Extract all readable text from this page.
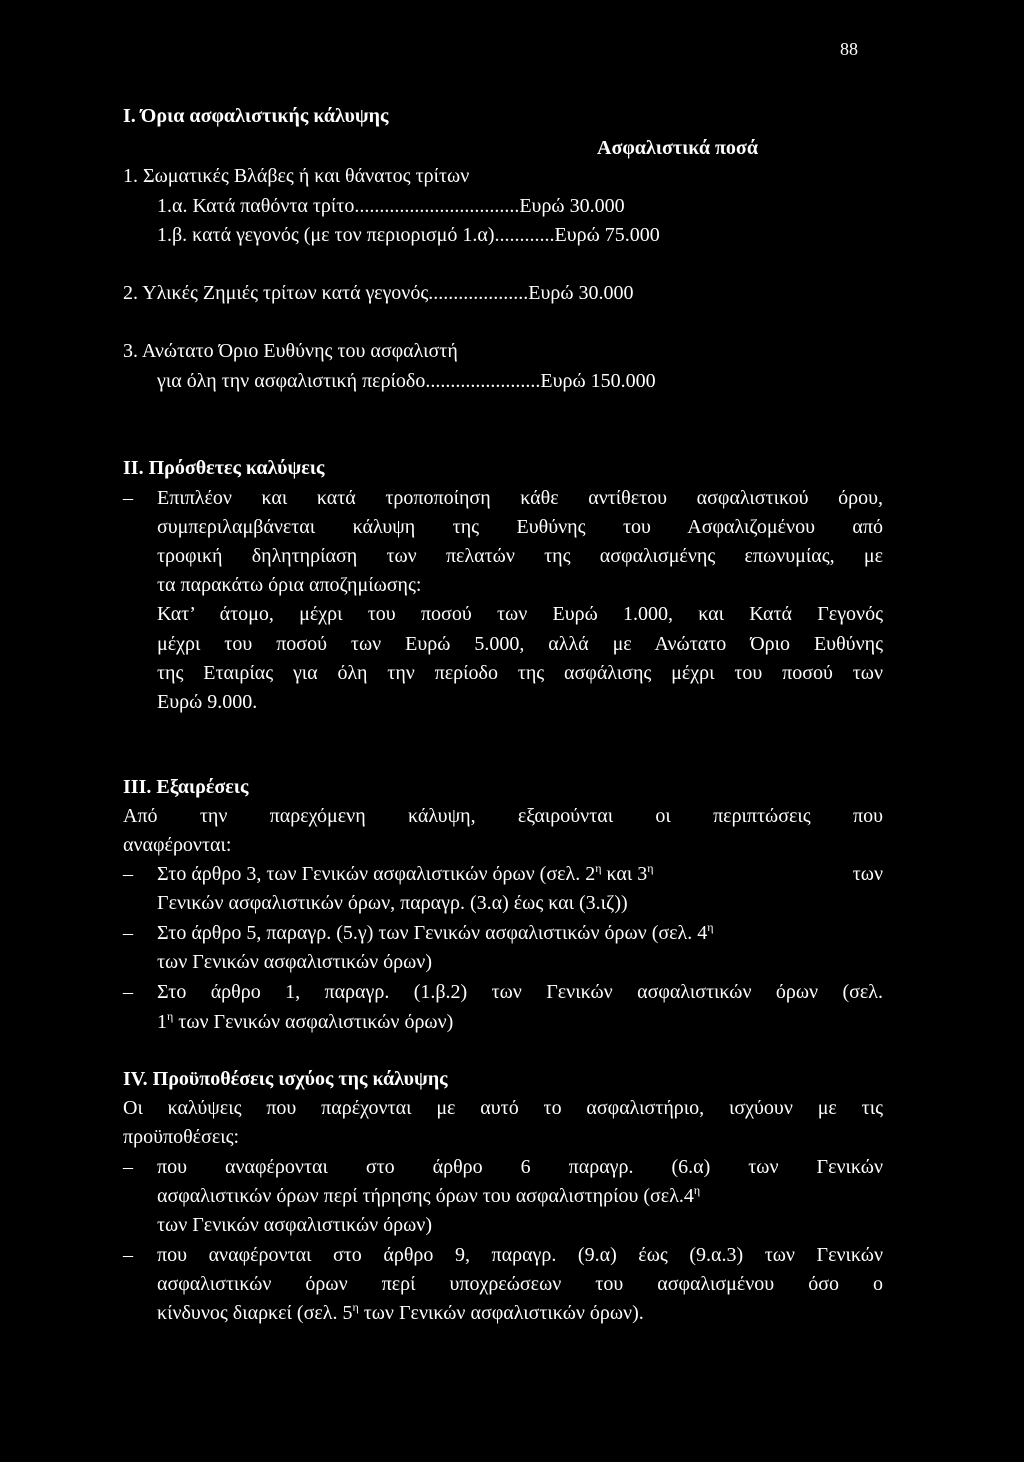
88
I. Όρια ασφαλιστικής κάλυψης
Ασφαλιστικά ποσά
1. Σωματικές Βλάβες ή και θάνατος τρίτων
1.α. Κατά παθόντα τρίτο.................................Ευρώ 30.000
1.β. κατά γεγονός (με τον περιορισμό 1.α)............Ευρώ 75.000
2. Υλικές Ζημιές τρίτων κατά γεγονός....................Ευρώ 30.000
3. Ανώτατο Όριο Ευθύνης του ασφαλιστή
για όλη την ασφαλιστική περίοδο.......................Ευρώ 150.000
II. Πρόσθετες καλύψεις
– Επιπλέον και κατά τροποποίηση κάθε αντίθετου ασφαλιστικού όρου,
συμπεριλαμβάνεται κάλυψη της Ευθύνης του Ασφαλιζομένου από
τροφική δηλητηρίαση των πελατών της ασφαλισμένης επωνυμίας, με
τα παρακάτω όρια αποζημίωσης:
Κατ’ άτομο, μέχρι του ποσού των Ευρώ 1.000, και Κατά Γεγονός
μέχρι του ποσού των Ευρώ 5.000, αλλά με Ανώτατο Όριο Ευθύνης
της Εταιρίας για όλη την περίοδο της ασφάλισης μέχρι του ποσού των
Ευρώ 9.000.
III. Εξαιρέσεις
Από την παρεχόμενη κάλυψη, εξαιρούνται οι περιπτώσεις που
αναφέρονται:
– Στο άρθρο 3, των Γενικών ασφαλιστικών όρων (σελ. $2^\eta$ και $3^\eta$	των
Γενικών ασφαλιστικών όρων, παραγρ. (3.α) έως και (3.ιζ))
– Στο άρθρο 5, παραγρ. (5.γ) των Γενικών ασφαλιστικών όρων (σελ. $4^\eta$
των Γενικών ασφαλιστικών όρων)
– Στο άρθρο 1, παραγρ. (1.β.2) των Γενικών ασφαλιστικών όρων (σελ.
$1^\eta$ των Γενικών ασφαλιστικών όρων)
IV. Προϋποθέσεις ισχύος της κάλυψης
Οι καλύψεις που παρέχονται με αυτό το ασφαλιστήριο, ισχύουν με τις
προϋποθέσεις:
– που αναφέρονται στο άρθρο 6 παραγρ. (6.α) των Γενικών
ασφαλιστικών όρων περί τήρησης όρων του ασφαλιστηρίου ($\sigma\varepsilon\lambda.4^\eta$
των Γενικών ασφαλιστικών όρων)
– που αναφέρονται στο άρθρο 9, παραγρ. (9.α) έως (9.α.3) των Γενικών
ασφαλιστικών όρων περί υποχρεώσεων του ασφαλισμένου όσο ο
κίνδυνος διαρκεί (σελ. $5^\eta$ των Γενικών ασφαλιστικών όρων).
